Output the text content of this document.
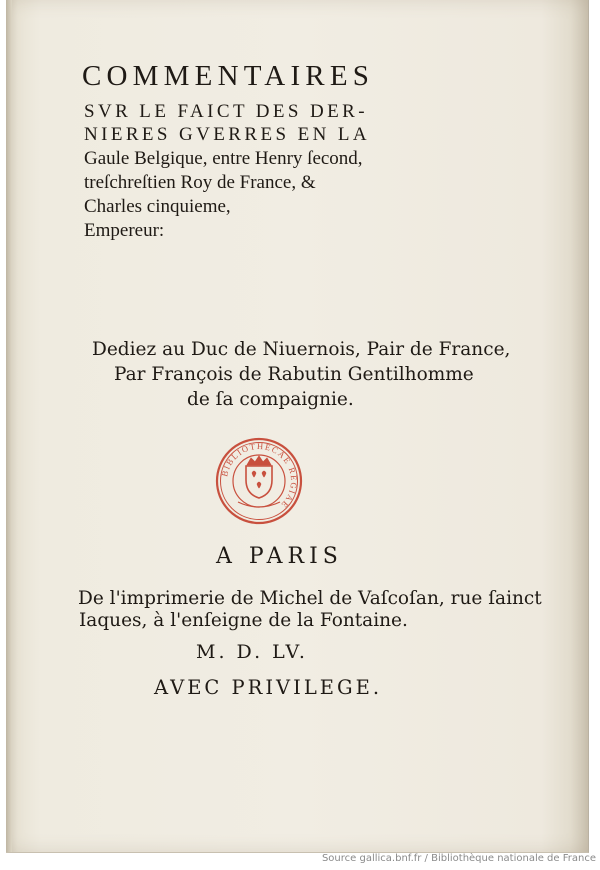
COMMENTAIRES
SVR LE FAICT DES DER-
NIERES GVERRES EN LA
Gaule Belgique, entre Henry ſecond,
treſchreſtien Roy de France, &
Charles cinquieme,
Empereur:
Dediez au Duc de Niuernois, Pair de France,
Par François de Rabutin Gentilhomme
de ſa compaignie.
BIBLIOTHECAE REGIAE
A PARIS
De l'imprimerie de Michel de Vaſcoſan, rue ſainct
Iaques, à l'enſeigne de la Fontaine.
M. D. LV.
AVEC PRIVILEGE.
Source gallica.bnf.fr / Bibliothèque nationale de France
